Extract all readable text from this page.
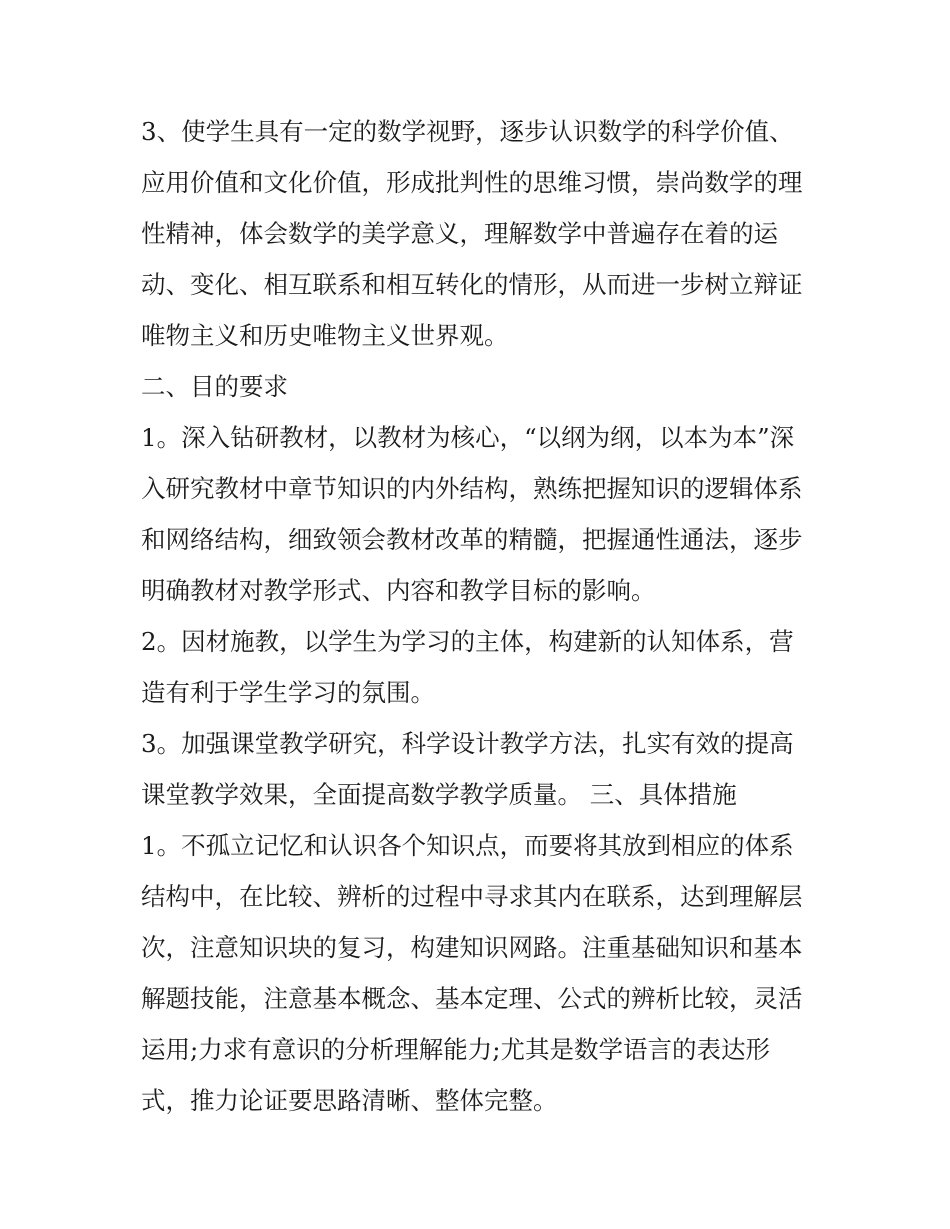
3、使学生具有一定的数学视野，逐步认识数学的科学价值、
应用价值和文化价值，形成批判性的思维习惯，崇尚数学的理
性精神，体会数学的美学意义，理解数学中普遍存在着的运
动、变化、相互联系和相互转化的情形，从而进一步树立辩证
唯物主义和历史唯物主义世界观。
二、目的要求
1。深入钻研教材，以教材为核心，“以纲为纲，以本为本”深
入研究教材中章节知识的内外结构，熟练把握知识的逻辑体系
和网络结构，细致领会教材改革的精髓，把握通性通法，逐步
明确教材对教学形式、内容和教学目标的影响。
2。因材施教，以学生为学习的主体，构建新的认知体系，营
造有利于学生学习的氛围。
3。加强课堂教学研究，科学设计教学方法，扎实有效的提高
课堂教学效果，全面提高数学教学质量。 三、具体措施
1。不孤立记忆和认识各个知识点，而要将其放到相应的体系
结构中，在比较、辨析的过程中寻求其内在联系，达到理解层
次，注意知识块的复习，构建知识网路。注重基础知识和基本
解题技能，注意基本概念、基本定理、公式的辨析比较，灵活
运用;力求有意识的分析理解能力;尤其是数学语言的表达形
式，推力论证要思路清晰、整体完整。
